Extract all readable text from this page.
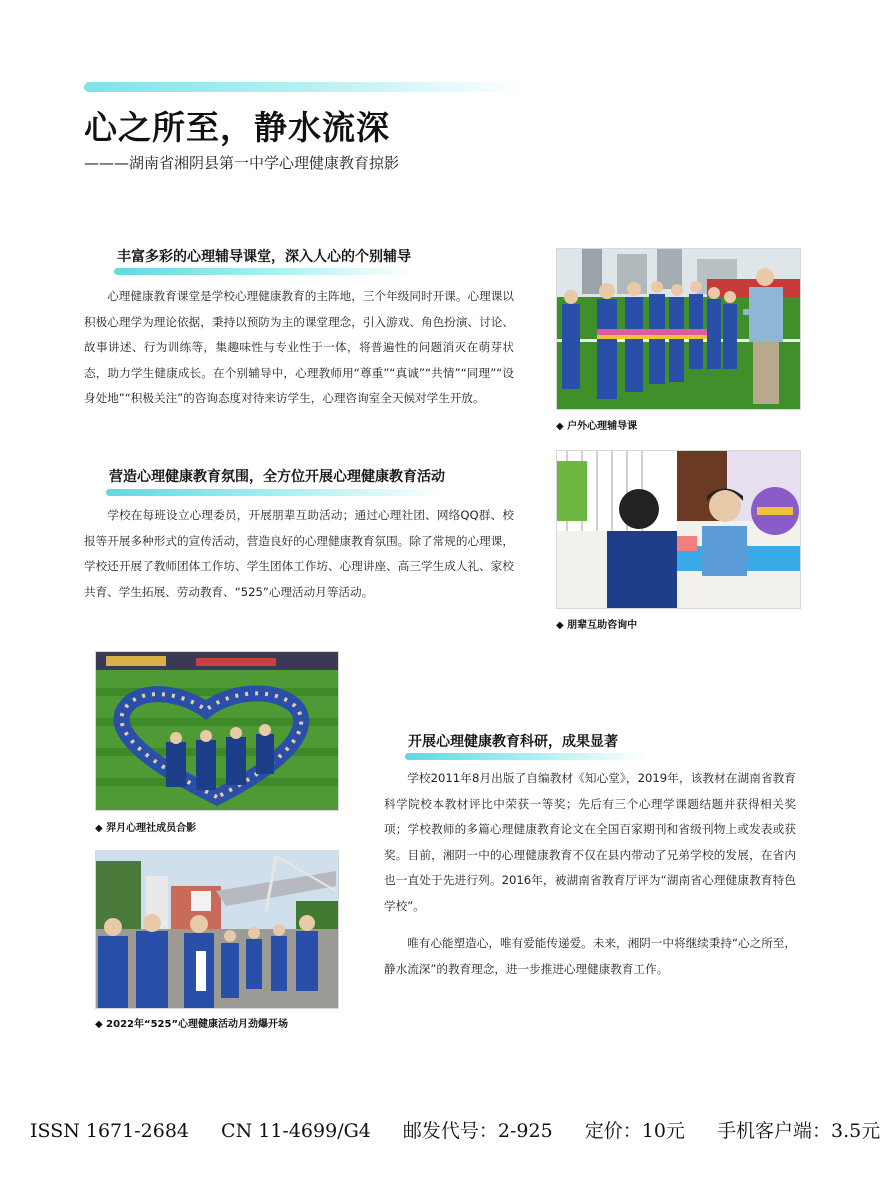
心之所至，静水流深
———湖南省湘阴县第一中学心理健康教育掠影
丰富多彩的心理辅导课堂，深入人心的个别辅导

心理健康教育课堂是学校心理健康教育的主阵地，三个年级同时开课。心理课以积极心理学为理论依据，秉持以预防为主的课堂理念，引入游戏、角色扮演、讨论、故事讲述、行为训练等，集趣味性与专业性于一体，将普遍性的问题消灭在萌芽状态，助力学生健康成长。在个别辅导中，心理教师用“尊重”“真诚”“共情”“同理”“设身处地”“积极关注”的咨询态度对待来访学生，心理咨询室全天候对学生开放。

营造心理健康教育氛围，全方位开展心理健康教育活动

学校在每班设立心理委员，开展朋辈互助活动；通过心理社团、网络QQ群、校报等开展多种形式的宣传活动，营造良好的心理健康教育氛围。除了常规的心理课，学校还开展了教师团体工作坊、学生团体工作坊、心理讲座、高三学生成人礼、家校共育、学生拓展、劳动教育、“525”心理活动月等活动。

◆ 户外心理辅导课
◆ 朋辈互助咨询中
◆ 羿月心理社成员合影
◆ 2022年“525”心理健康活动月劲爆开场
开展心理健康教育科研，成果显著

学校2011年8月出版了自编教材《知心堂》，2019年，该教材在湖南省教育科学院校本教材评比中荣获一等奖；先后有三个心理学课题结题并获得相关奖项；学校教师的多篇心理健康教育论文在全国百家期刊和省级刊物上或发表或获奖。目前，湘阴一中的心理健康教育不仅在县内带动了兄弟学校的发展，在省内也一直处于先进行列。2016年，被湖南省教育厅评为“湖南省心理健康教育特色学校”。

唯有心能塑造心，唯有爱能传递爱。未来，湘阴一中将继续秉持“心之所至，静水流深”的教育理念，进一步推进心理健康教育工作。

ISSN 1671-2684 CN 11-4699/G4 邮发代号：2-925 定价：10元 手机客户端：3.5元
